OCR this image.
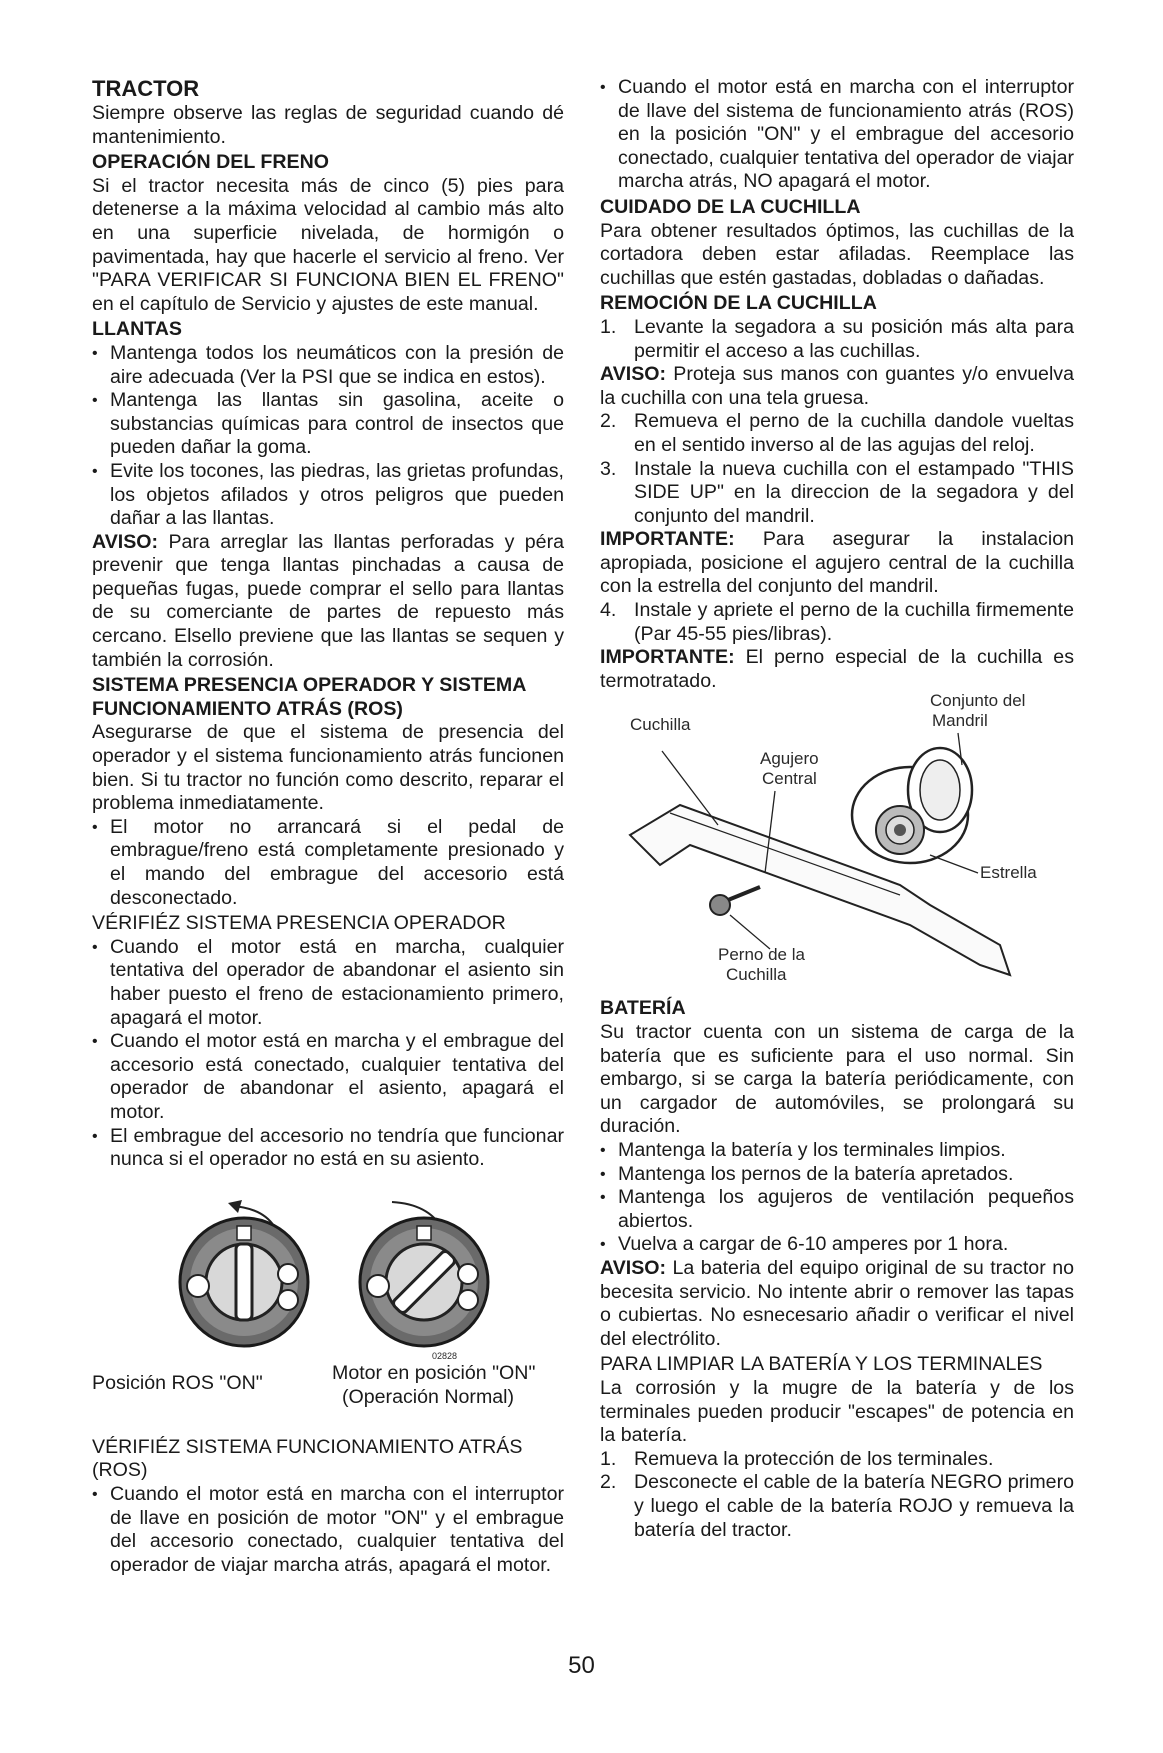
TRACTOR

Siempre observe las reglas de seguridad cuando dé mantenimiento.

OPERACIÓN DEL FRENO

Si el tractor necesita más de cinco (5) pies para detenerse a la máxima velocidad al cambio más alto en una superficie nivelada, de hormigón o pavimentada, hay que hacerle el servicio al freno. Ver "PARA VERIFICAR SI FUNCIONA BIEN EL FRENO" en el capítulo de Servicio y ajustes de este manual.

LLANTAS

• Mantenga todos los neumáticos con la presión de aire adecuada (Ver la PSI que se indica en estos).
• Mantenga las llantas sin gasolina, aceite o substancias químicas para control de insectos que pueden dañar la goma.
• Evite los tocones, las piedras, las grietas profundas, los objetos afilados y otros peligros que pueden dañar a las llantas.

AVISO: Para arreglar las llantas perforadas y péra prevenir que tenga llantas pinchadas a causa de pequeñas fugas, puede comprar el sello para llantas de su comerciante de partes de repuesto más cercano. Elsello previene que las llantas se sequen y también la corrosión.

SISTEMA PRESENCIA OPERADOR Y SISTEMA FUNCIONAMIENTO ATRÁS (ROS)

Asegurarse de que el sistema de presencia del operador y el sistema funcionamiento atrás funcionen bien. Si tu tractor no función como descrito, reparar el problema inmediatamente.

• El motor no arrancará si el pedal de embrague/freno está completamente presionado y el mando del embrague del accesorio está desconectado.

VÉRIFIÉZ SISTEMA PRESENCIA OPERADOR

• Cuando el motor está en marcha, cualquier tentativa del operador de abandonar el asiento sin haber puesto el freno de estacionamiento primero, apagará el motor.
• Cuando el motor está en marcha y el embrague del accesorio está conectado, cualquier tentativa del operador de abandonar el asiento, apagará el motor.
• El embrague del accesorio no tendría que funcionar nunca si el operador no está en su asiento.
02828
Posición ROS "ON"	Motor en posición "ON"
(Operación Normal)

VÉRIFIÉZ SISTEMA FUNCIONAMIENTO ATRÁS (ROS)

• Cuando el motor está en marcha con el interruptor de llave en posición de motor "ON" y el embrague del accesorio conectado, cualquier tentativa del operador de viajar marcha atrás, apagará el motor.
• Cuando el motor está en marcha con el interruptor de llave del sistema de funcionamiento atrás (ROS) en la posición "ON" y el embrague del accesorio conectado, cualquier tentativa del operador de viajar marcha atrás, NO apagará el motor.

CUIDADO DE LA CUCHILLA

Para obtener resultados óptimos, las cuchillas de la cortadora deben estar afiladas. Reemplace las cuchillas que estén gastadas, dobladas o dañadas.

REMOCIÓN DE LA CUCHILLA

1. Levante la segadora a su posición más alta para permitir el acceso a las cuchillas.

AVISO: Proteja sus manos con guantes y/o envuelva la cuchilla con una tela gruesa.

2. Remueva el perno de la cuchilla dandole vueltas en el sentido inverso al de las agujas del reloj.
3. Instale la nueva cuchilla con el estampado "THIS SIDE UP" en la direccion de la segadora y del conjunto del mandril.

IMPORTANTE: Para asegurar la instalacion apropiada, posicione el agujero central de la cuchilla con la estrella del conjunto del mandril.

4. Instale y apriete el perno de la cuchilla firmemente (Par 45-55 pies/libras).

IMPORTANTE: El perno especial de la cuchilla es termotratado.

Cuchilla
Conjunto del
Mandril
Agujero
Central
Estrella
Perno de la
Cuchilla

BATERÍA

Su tractor cuenta con un sistema de carga de la batería que es suficiente para el uso normal. Sin embargo, si se carga la batería periódicamente, con un cargador de automóviles, se prolongará su duración.

• Mantenga la batería y los terminales limpios.
• Mantenga los pernos de la batería apretados.
• Mantenga los agujeros de ventilación pequeños abiertos.
• Vuelva a cargar de 6-10 amperes por 1 hora.

AVISO: La bateria del equipo original de su tractor no becesita servicio. No intente abrir o remover las tapas o cubiertas. No esnecesario añadir o verificar el nivel del electrólito.

PARA LIMPIAR LA BATERÍA Y LOS TERMINALES

La corrosión y la mugre de la batería y de los terminales pueden producir "escapes" de potencia en la batería.

1. Remueva la protección de los terminales.
2. Desconecte el cable de la batería NEGRO primero y luego el cable de la batería ROJO y remueva la batería del tractor.
50
